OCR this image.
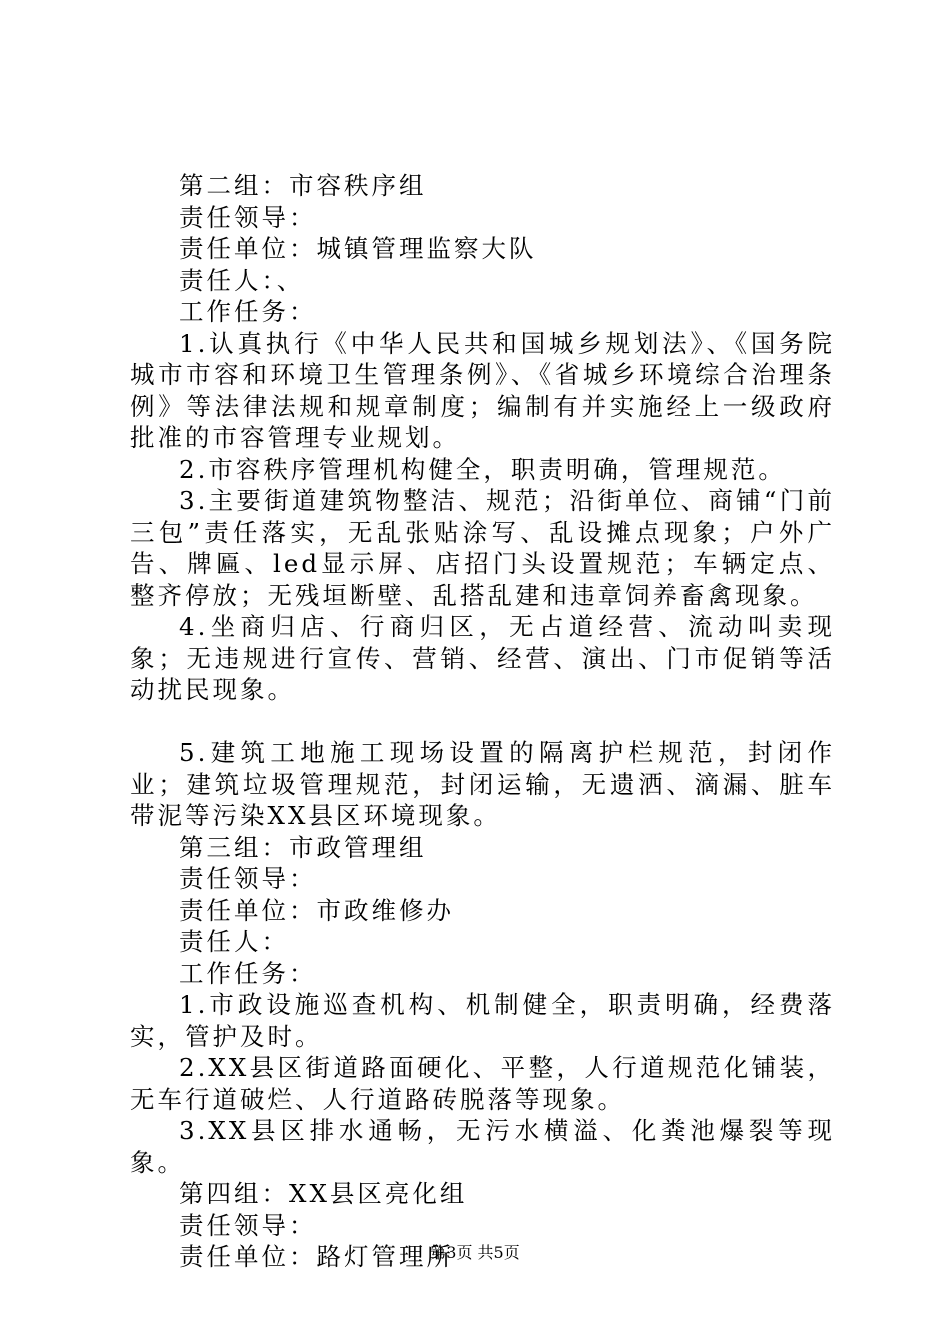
第二组：市容秩序组

责任领导：

责任单位：城镇管理监察大队

责任人：、

工作任务：

1.认真执行《中华人民共和国城乡规划法》、《国务院城市市容和环境卫生管理条例》、《省城乡环境综合治理条例》等法律法规和规章制度；编制有并实施经上一级政府批准的市容管理专业规划。

2.市容秩序管理机构健全，职责明确，管理规范。

3.主要街道建筑物整洁、规范；沿街单位、商铺“门前三包”责任落实，无乱张贴涂写、乱设摊点现象；户外广告、牌匾、led显示屏、店招门头设置规范；车辆定点、整齐停放；无残垣断壁、乱搭乱建和违章饲养畜禽现象。

4.坐商归店、行商归区，无占道经营、流动叫卖现象；无违规进行宣传、营销、经营、演出、门市促销等活动扰民现象。

5.建筑工地施工现场设置的隔离护栏规范，封闭作业；建筑垃圾管理规范，封闭运输，无遗洒、滴漏、脏车带泥等污染XX县区环境现象。

第三组：市政管理组

责任领导：

责任单位：市政维修办

责任人：

工作任务：

1.市政设施巡查机构、机制健全，职责明确，经费落实，管护及时。

2.XX县区街道路面硬化、平整，人行道规范化铺装，无车行道破烂、人行道路砖脱落等现象。

3.XX县区排水通畅，无污水横溢、化粪池爆裂等现象。

第四组：XX县区亮化组

责任领导：

责任单位：路灯管理所

第3页 共5页
